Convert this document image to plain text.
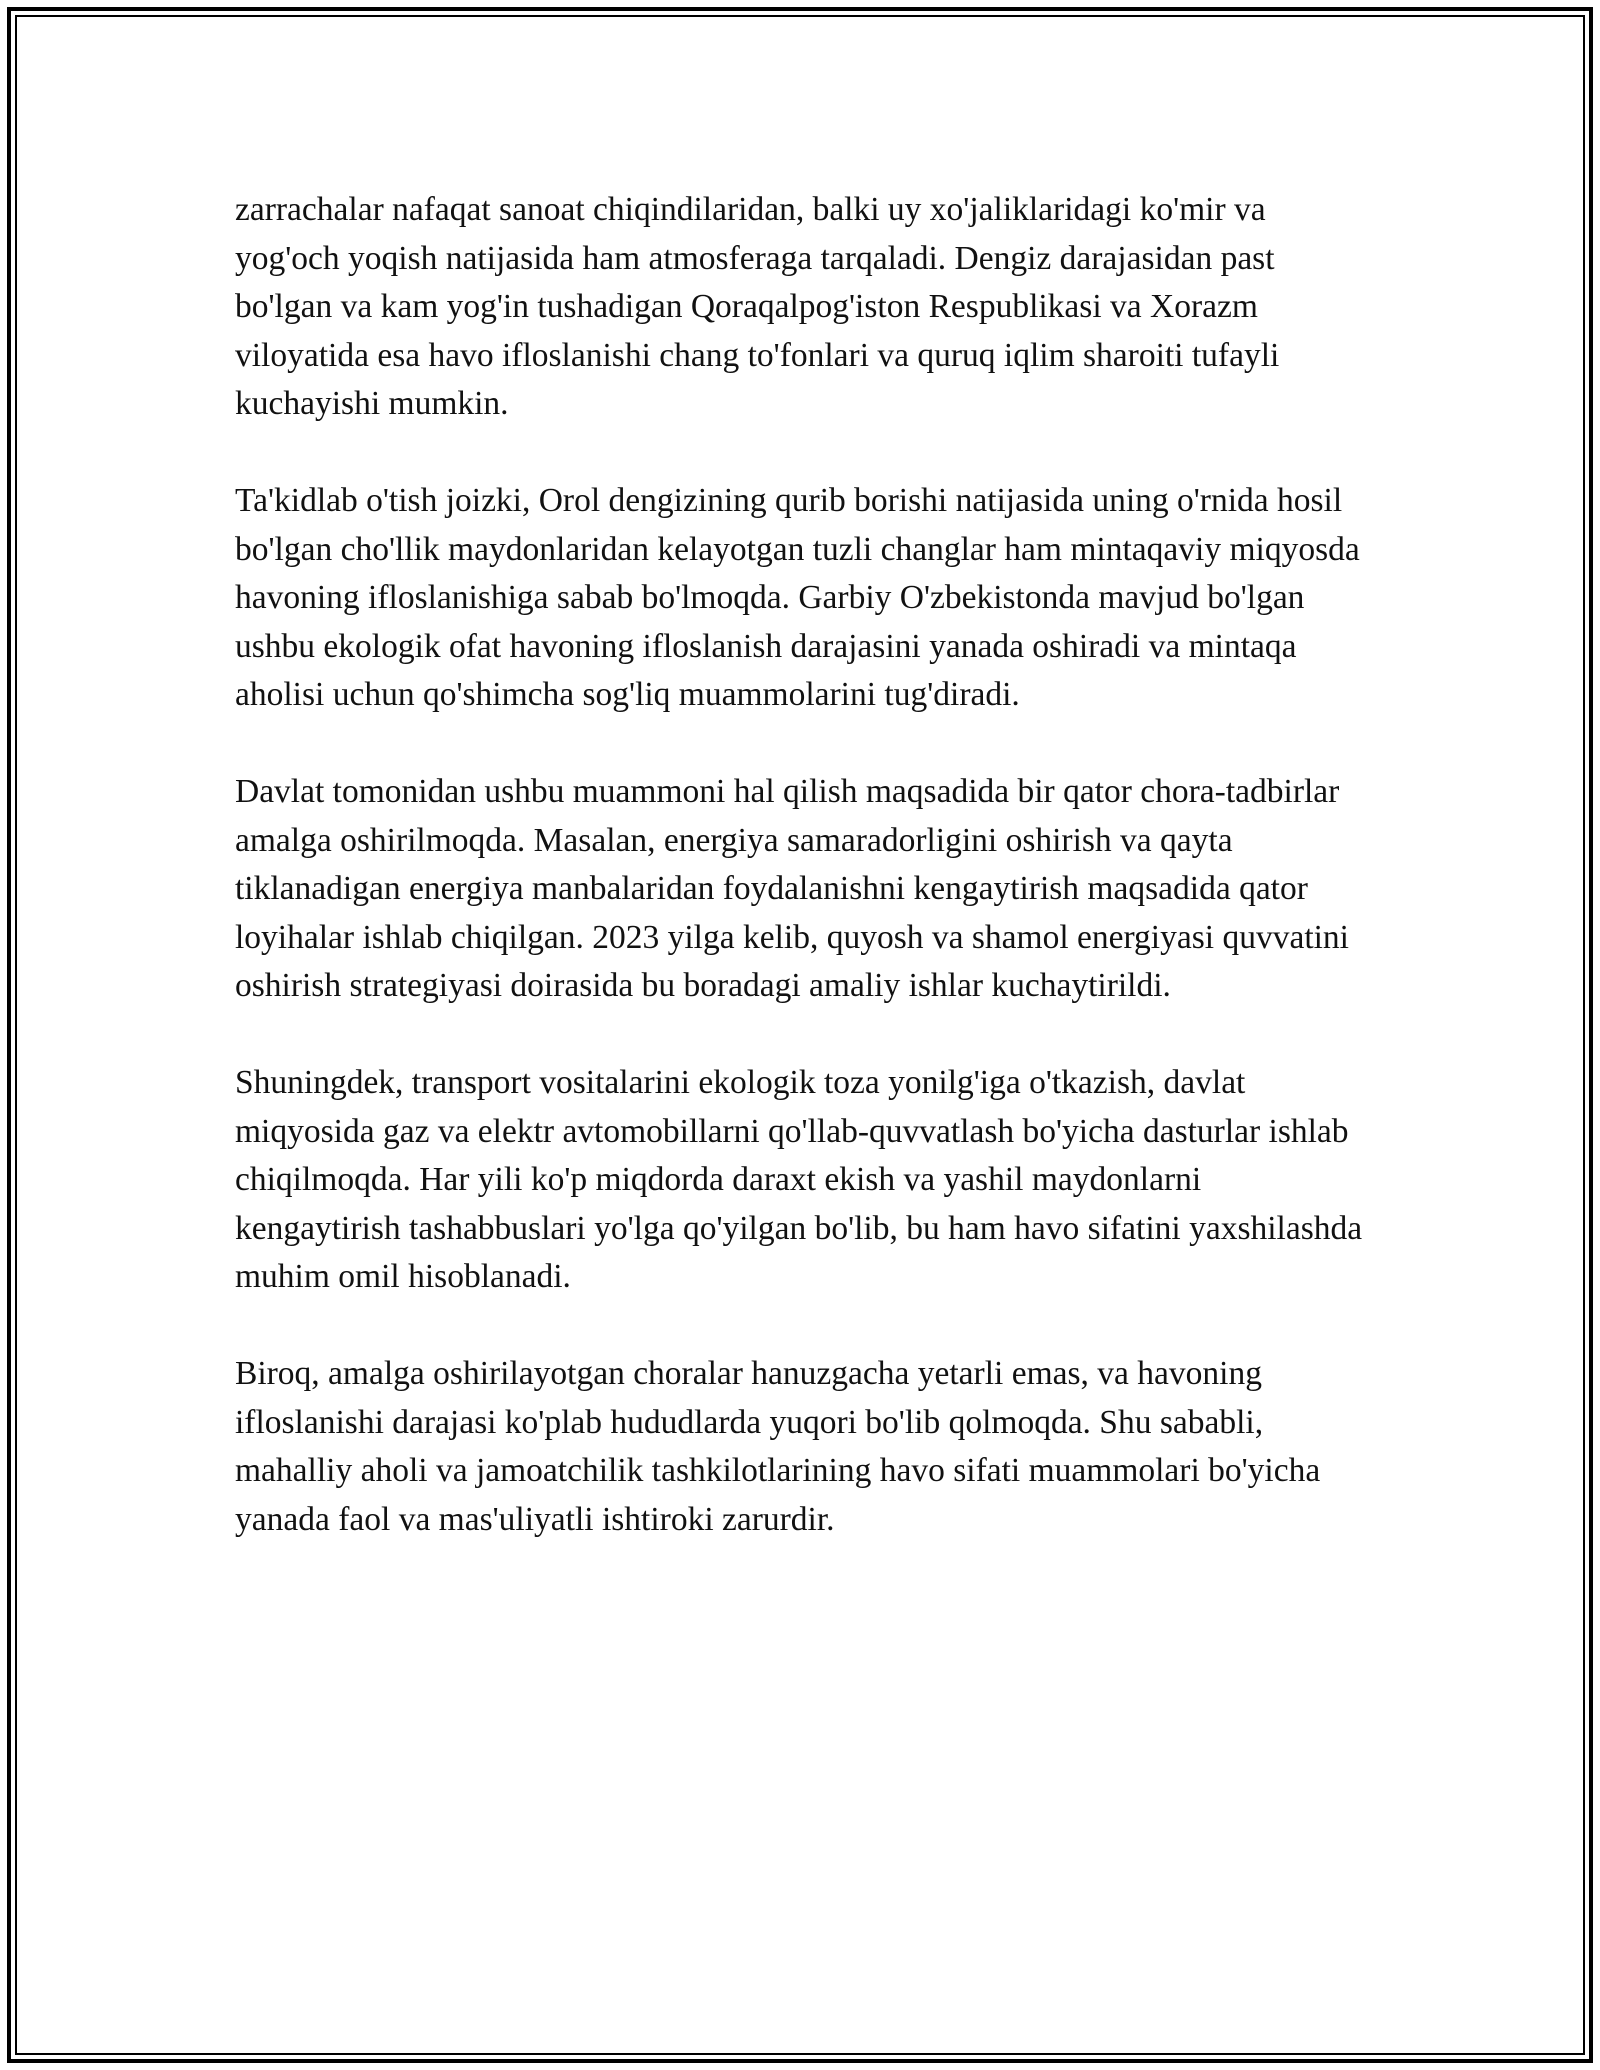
zarrachalar nafaqat sanoat chiqindilaridan, balki uy xo'jaliklaridagi ko'mir va yog'och yoqish natijasida ham atmosferaga tarqaladi. Dengiz darajasidan past bo'lgan va kam yog'in tushadigan Qoraqalpog'iston Respublikasi va Xorazm viloyatida esa havo ifloslanishi chang to'fonlari va quruq iqlim sharoiti tufayli kuchayishi mumkin.

Ta'kidlab o'tish joizki, Orol dengizining qurib borishi natijasida uning o'rnida hosil bo'lgan cho'llik maydonlaridan kelayotgan tuzli changlar ham mintaqaviy miqyosda havoning ifloslanishiga sabab bo'lmoqda. Garbiy O'zbekistonda mavjud bo'lgan ushbu ekologik ofat havoning ifloslanish darajasini yanada oshiradi va mintaqa aholisi uchun qo'shimcha sog'liq muammolarini tug'diradi.

Davlat tomonidan ushbu muammoni hal qilish maqsadida bir qator chora-tadbirlar amalga oshirilmoqda. Masalan, energiya samaradorligini oshirish va qayta tiklanadigan energiya manbalaridan foydalanishni kengaytirish maqsadida qator loyihalar ishlab chiqilgan. 2023 yilga kelib, quyosh va shamol energiyasi quvvatini oshirish strategiyasi doirasida bu boradagi amaliy ishlar kuchaytirildi.

Shuningdek, transport vositalarini ekologik toza yonilg'iga o'tkazish, davlat miqyosida gaz va elektr avtomobillarni qo'llab-quvvatlash bo'yicha dasturlar ishlab chiqilmoqda. Har yili ko'p miqdorda daraxt ekish va yashil maydonlarni kengaytirish tashabbuslari yo'lga qo'yilgan bo'lib, bu ham havo sifatini yaxshilashda muhim omil hisoblanadi.

Biroq, amalga oshirilayotgan choralar hanuzgacha yetarli emas, va havoning ifloslanishi darajasi ko'plab hududlarda yuqori bo'lib qolmoqda. Shu sababli, mahalliy aholi va jamoatchilik tashkilotlarining havo sifati muammolari bo'yicha yanada faol va mas'uliyatli ishtiroki zarurdir.
